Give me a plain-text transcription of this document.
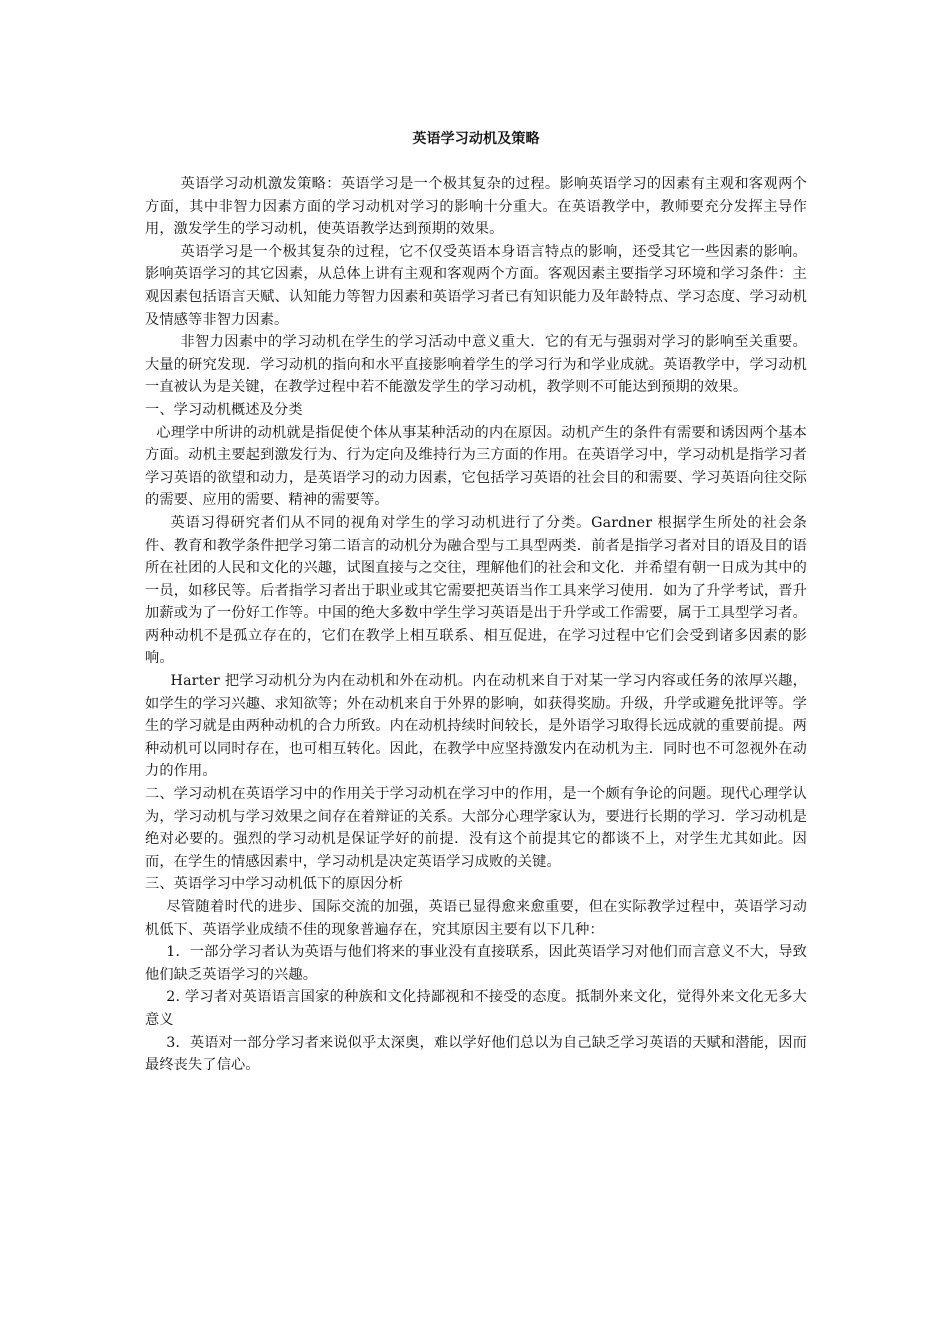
英语学习动机及策略

英语学习动机激发策略：英语学习是一个极其复杂的过程。影响英语学习的因素有主观和客观两个方面，其中非智力因素方面的学习动机对学习的影响十分重大。在英语教学中，教师要充分发挥主导作用，激发学生的学习动机，使英语教学达到预期的效果。

英语学习是一个极其复杂的过程，它不仅受英语本身语言特点的影响，还受其它一些因素的影响。影响英语学习的其它因素，从总体上讲有主观和客观两个方面。客观因素主要指学习环境和学习条件：主观因素包括语言天赋、认知能力等智力因素和英语学习者已有知识能力及年龄特点、学习态度、学习动机及情感等非智力因素。

非智力因素中的学习动机在学生的学习活动中意义重大．它的有无与强弱对学习的影响至关重要。大量的研究发现．学习动机的指向和水平直接影响着学生的学习行为和学业成就。英语教学中，学习动机一直被认为是关键，在教学过程中若不能激发学生的学习动机，教学则不可能达到预期的效果。

一、学习动机概述及分类

心理学中所讲的动机就是指促使个体从事某种活动的内在原因。动机产生的条件有需要和诱因两个基本方面。动机主要起到激发行为、行为定向及维持行为三方面的作用。在英语学习中，学习动机是指学习者学习英语的欲望和动力，是英语学习的动力因素，它包括学习英语的社会目的和需要、学习英语向往交际的需要、应用的需要、精神的需要等。

英语习得研究者们从不同的视角对学生的学习动机进行了分类。Gardner 根据学生所处的社会条件、教育和教学条件把学习第二语言的动机分为融合型与工具型两类．前者是指学习者对目的语及目的语所在社团的人民和文化的兴趣，试图直接与之交往，理解他们的社会和文化．并希望有朝一日成为其中的一员，如移民等。后者指学习者出于职业或其它需要把英语当作工具来学习使用．如为了升学考试，晋升加薪或为了一份好工作等。中国的绝大多数中学生学习英语是出于升学或工作需要，属于工具型学习者。两种动机不是孤立存在的，它们在教学上相互联系、相互促进，在学习过程中它们会受到诸多因素的影响。

Harter 把学习动机分为内在动机和外在动机。内在动机来自于对某一学习内容或任务的浓厚兴趣，如学生的学习兴趣、求知欲等；外在动机来自于外界的影响，如获得奖励。升级，升学或避免批评等。学生的学习就是由两种动机的合力所致。内在动机持续时间较长，是外语学习取得长远成就的重要前提。两种动机可以同时存在，也可相互转化。因此，在教学中应坚持激发内在动机为主．同时也不可忽视外在动力的作用。

二、学习动机在英语学习中的作用关于学习动机在学习中的作用，是一个颇有争论的问题。现代心理学认为，学习动机与学习效果之间存在着辩证的关系。大部分心理学家认为，要进行长期的学习．学习动机是绝对必要的。强烈的学习动机是保证学好的前提．没有这个前提其它的都谈不上，对学生尤其如此。因而，在学生的情感因素中，学习动机是决定英语学习成败的关键。

三、英语学习中学习动机低下的原因分析

尽管随着时代的进步、国际交流的加强，英语已显得愈来愈重要，但在实际教学过程中，英语学习动机低下、英语学业成绩不佳的现象普遍存在，究其原因主要有以下几种：

1．一部分学习者认为英语与他们将来的事业没有直接联系，因此英语学习对他们而言意义不大，导致他们缺乏英语学习的兴趣。

2. 学习者对英语语言国家的种族和文化持鄙视和不接受的态度。抵制外来文化，觉得外来文化无多大意义

3．英语对一部分学习者来说似乎太深奥，难以学好他们总以为自己缺乏学习英语的天赋和潜能，因而最终丧失了信心。
